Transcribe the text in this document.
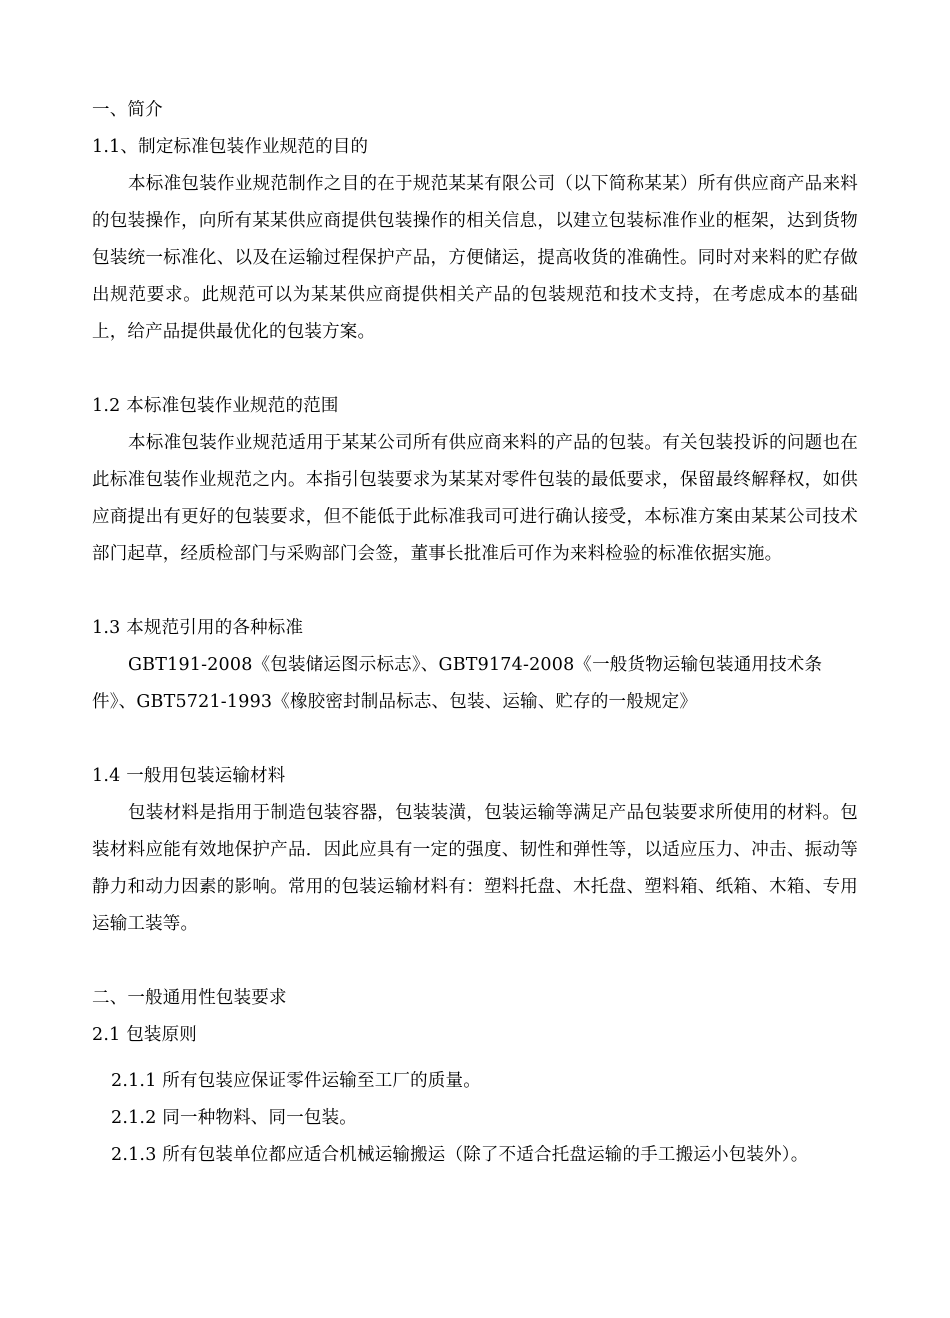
一、简介
1.1、制定标准包装作业规范的目的

本标准包装作业规范制作之目的在于规范某某有限公司（以下简称某某）所有供应商产品来料的包装操作，向所有某某供应商提供包装操作的相关信息，以建立包装标准作业的框架，达到货物包装统一标准化、以及在运输过程保护产品，方便储运，提高收货的准确性。同时对来料的贮存做出规范要求。此规范可以为某某供应商提供相关产品的包装规范和技术支持，在考虑成本的基础上，给产品提供最优化的包装方案。

1.2 本标准包装作业规范的范围

本标准包装作业规范适用于某某公司所有供应商来料的产品的包装。有关包装投诉的问题也在此标准包装作业规范之内。本指引包装要求为某某对零件包装的最低要求，保留最终解释权，如供应商提出有更好的包装要求，但不能低于此标准我司可进行确认接受，本标准方案由某某公司技术部门起草，经质检部门与采购部门会签，董事长批准后可作为来料检验的标准依据实施。

1.3 本规范引用的各种标准

GBT191-2008《包装储运图示标志》、GBT9174-2008《一般货物运输包装通用技术条件》、GBT5721-1993《橡胶密封制品标志、包装、运输、贮存的一般规定》

1.4 一般用包装运输材料

包装材料是指用于制造包装容器，包装装潢，包装运输等满足产品包装要求所使用的材料。包装材料应能有效地保护产品．因此应具有一定的强度、韧性和弹性等，以适应压力、冲击、振动等静力和动力因素的影响。常用的包装运输材料有：塑料托盘、木托盘、塑料箱、纸箱、木箱、专用运输工装等。

二、一般通用性包装要求
2.1 包装原则
2.1.1 所有包装应保证零件运输至工厂的质量。
2.1.2 同一种物料、同一包装。
2.1.3 所有包装单位都应适合机械运输搬运（除了不适合托盘运输的手工搬运小包装外）。
